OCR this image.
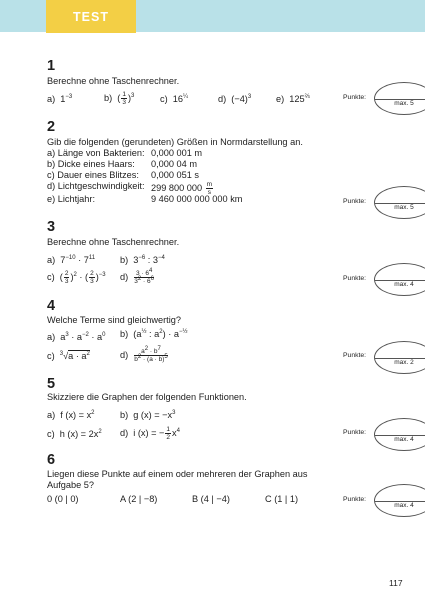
TEST
1
Berechne ohne Taschenrechner.
a)  $1^{-3}$	b)  ( $\frac{1}{3} )^3$	c)  $16^{\frac{1}{4}}$	d)  $(-4)^3$	e)  $125^{\frac{2}{3}}$	Punkte:
max. 5
2
Gib die folgenden (gerundeten) Größen in Normdarstellung an.
a) Länge von Bakterien: 0,000 001 m
b) Dicke eines Haars: 0,000 04 m
c) Dauer eines Blitzes: 0,000 051 s
d) Lichtgeschwindigkeit: 299 800 $000 \frac{m}{s}$
e) Lichtjahr:	9 460 000 000 000 km	Punkte:
max. 5
3
Berechne ohne Taschenrechner.
a)  $7^{-10} \cdot 7^{11}$	b)  $3^{-6}$ : $3^{-4}$
c)  ( $\frac{2}{3} )^2$ · ( $\frac{2}{3} )^{-3}$ $d) \frac{3 \cdot 6^4}{3^2 \cdot 6^6}$	Punkte:
max. 4
4
Welche Terme sind gleichwertig?
a)  $a^3 \cdot a^{-2} \cdot a^0$ b)  ($a^{\frac{1}{2}}$ : $a^2) \cdot a^{-\frac{1}{2}}$
c)  $^3√a \cdot a^2$	$d) \frac{a^2 \cdot b^7}{b^2 \cdot (a \cdot b)^5}$	Punkte:
max. 2
5
Skizziere die Graphen der folgenden Funktionen.
a)  f $(x) = x^2$	b)  g $(x) = -x^3$
c)  h $(x) = 2x^2$ d)  i (x) = − $\frac{1}{2} x^4$	Punkte:
max. 4
6
Liegen diese Punkte auf einem oder mehreren der Graphen aus
Aufgabe 5?
0 (0 | 0)	A (2 | −8)	B (4 | −4)	C (1 | 1)	Punkte:
max. 4
117
